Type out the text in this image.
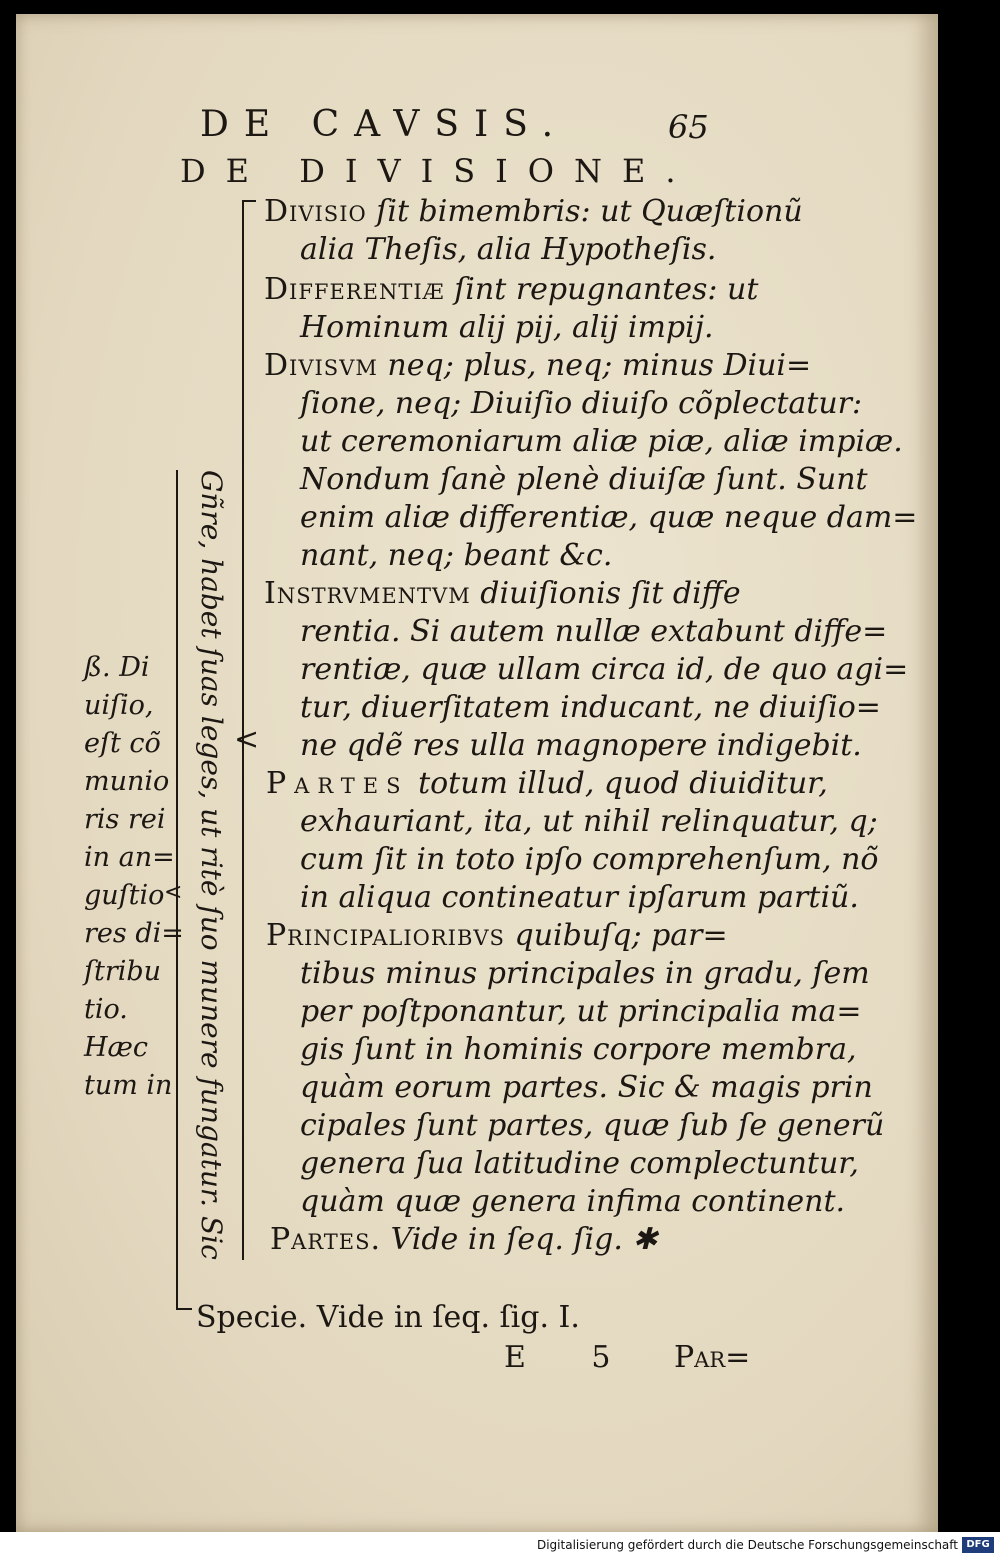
DE CAVSIS.	65
DE DIVISIONE.
<
<
Divisio ſit bimembris: ut Quæſtionũ
alia Theſis, alia Hypotheſis.
Differentiæ ſint repugnantes: ut
Hominum alij pij, alij impij.
Divisvm neq; plus, neq; minus Diui=
ſione, neq; Diuiſio diuiſo cõplectatur:
ut ceremoniarum aliæ piæ, aliæ impiæ.
Nondum ſanè plenè diuiſæ ſunt. Sunt
enim aliæ differentiæ, quæ neque dam=
nant, neq; beant &c.
Instrvmentvm diuiſionis ſit diffe
rentia. Si autem nullæ extabunt diffe=
rentiæ, quæ ullam circa id, de quo agi=
tur, diuerſitatem inducant, ne diuiſio=
ne qdẽ res ulla magnopere indigebit.
Partes totum illud, quod diuiditur,
exhauriant, ita, ut nihil relinquatur, q;
cum ſit in toto ipſo comprehenſum, nõ
in aliqua contineatur ipſarum partiũ.
Principalioribvs quibuſq; par=
tibus minus principales in gradu, ſem
per poſtponantur, ut principalia ma=
gis ſunt in hominis corpore membra,
quàm eorum partes. Sic & magis prin
cipales ſunt partes, quæ ſub ſe generũ
genera ſua latitudine complectuntur,
quàm quæ genera infima continent.
Partes. Vide in ſeq. ſig. ✱
Gñre, habet ſuas leges, ut ritè ſuo munere fungatur. Sic
ß. Di
uiſio,
eſt cõ
munio
ris rei
in an=
guſtio
res di=
ſtribu
tio.
Hæc
tum in
Specie. Vide in ſeq. ſig. I.
E 5 Par=
Digitalisierung gefördert durch die Deutsche Forschungsgemeinschaft DFG
